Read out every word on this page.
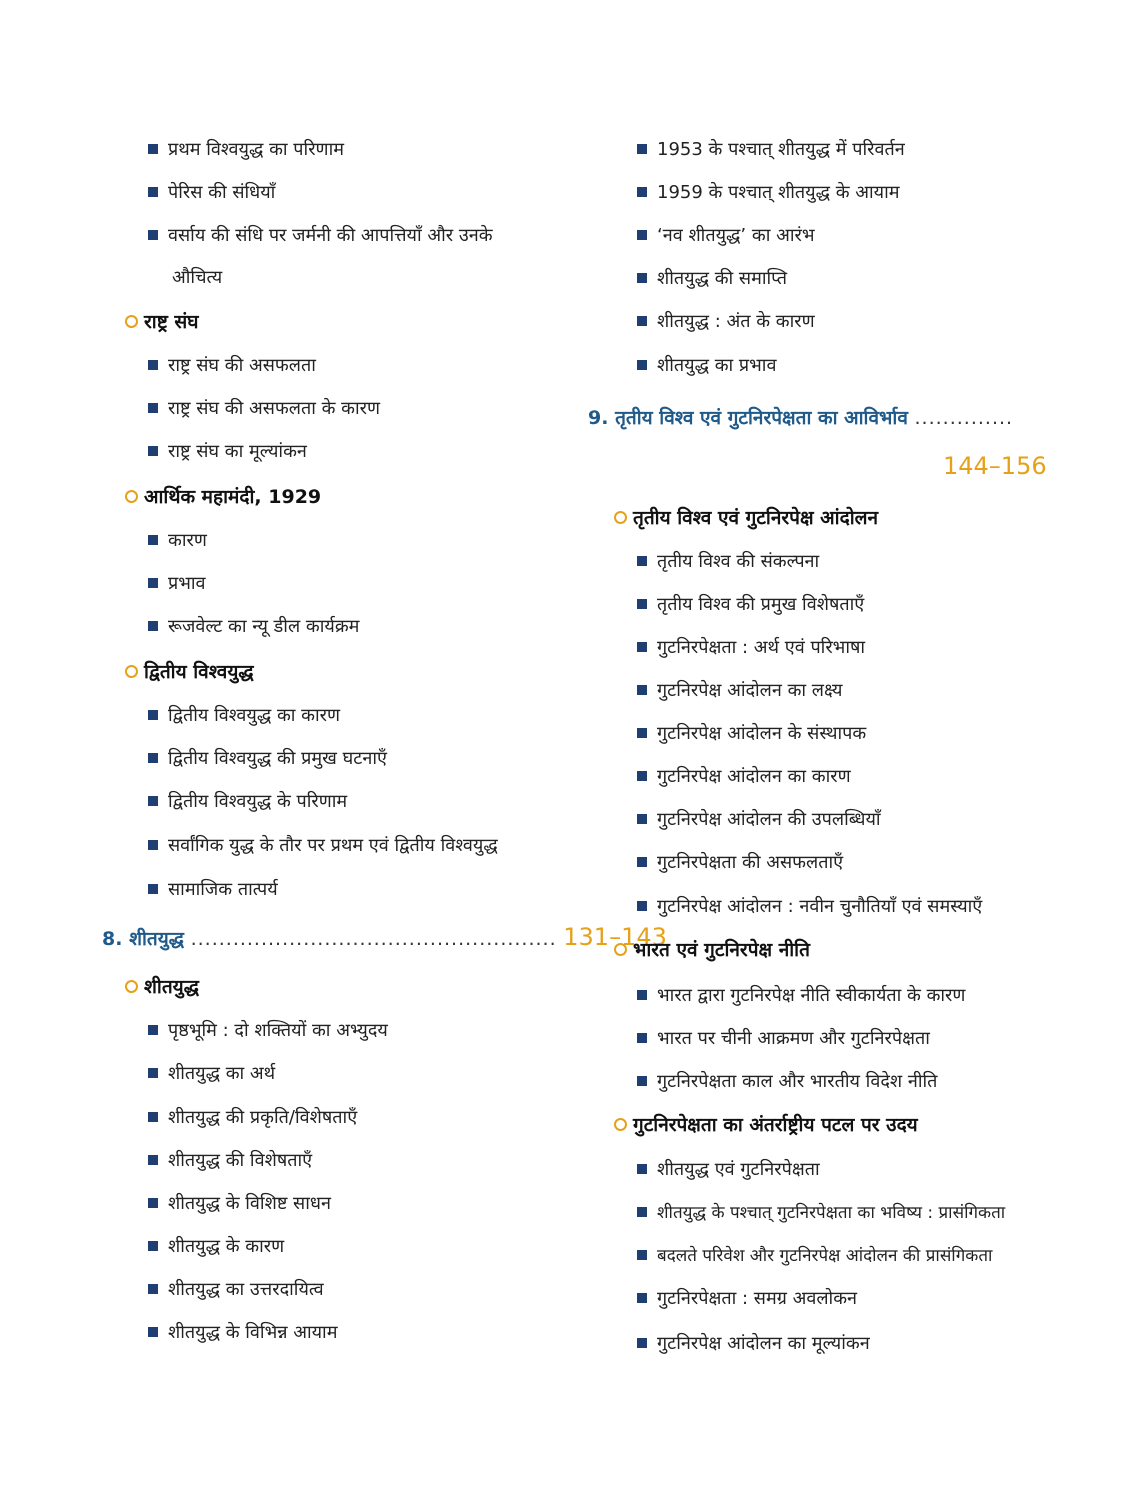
प्रथम विश्वयुद्ध का परिणाम
पेरिस की संधियाँ
वर्साय की संधि पर जर्मनी की आपत्तियाँ और उनके
औचित्य
राष्ट्र संघ
राष्ट्र संघ की असफलता
राष्ट्र संघ की असफलता के कारण
राष्ट्र संघ का मूल्यांकन
आर्थिक महामंदी, 1929
कारण
प्रभाव
रूजवेल्ट का न्यू डील कार्यक्रम
द्वितीय विश्वयुद्ध
द्वितीय विश्वयुद्ध का कारण
द्वितीय विश्वयुद्ध की प्रमुख घटनाएँ
द्वितीय विश्वयुद्ध के परिणाम
सर्वांगिक युद्ध के तौर पर प्रथम एवं द्वितीय विश्वयुद्ध
सामाजिक तात्पर्य
8. शीतयुद्ध .................................................... 131–143
शीतयुद्ध
पृष्ठभूमि : दो शक्तियों का अभ्युदय
शीतयुद्ध का अर्थ
शीतयुद्ध की प्रकृति/विशेषताएँ
शीतयुद्ध की विशेषताएँ
शीतयुद्ध के विशिष्ट साधन
शीतयुद्ध के कारण
शीतयुद्ध का उत्तरदायित्व
शीतयुद्ध के विभिन्न आयाम
1953 के पश्चात् शीतयुद्ध में परिवर्तन
1959 के पश्चात् शीतयुद्ध के आयाम
‘नव शीतयुद्ध’ का आरंभ
शीतयुद्ध की समाप्ति
शीतयुद्ध : अंत के कारण
शीतयुद्ध का प्रभाव
9. तृतीय विश्व एवं गुटनिरपेक्षता का आविर्भाव ..............
144–156
तृतीय विश्व एवं गुटनिरपेक्ष आंदोलन
तृतीय विश्व की संकल्पना
तृतीय विश्व की प्रमुख विशेषताएँ
गुटनिरपेक्षता : अर्थ एवं परिभाषा
गुटनिरपेक्ष आंदोलन का लक्ष्य
गुटनिरपेक्ष आंदोलन के संस्थापक
गुटनिरपेक्ष आंदोलन का कारण
गुटनिरपेक्ष आंदोलन की उपलब्धियाँ
गुटनिरपेक्षता की असफलताएँ
गुटनिरपेक्ष आंदोलन : नवीन चुनौतियाँ एवं समस्याएँ
भारत एवं गुटनिरपेक्ष नीति
भारत द्वारा गुटनिरपेक्ष नीति स्वीकार्यता के कारण
भारत पर चीनी आक्रमण और गुटनिरपेक्षता
गुटनिरपेक्षता काल और भारतीय विदेश नीति
गुटनिरपेक्षता का अंतर्राष्ट्रीय पटल पर उदय
शीतयुद्ध एवं गुटनिरपेक्षता
शीतयुद्ध के पश्चात् गुटनिरपेक्षता का भविष्य : प्रासंगिकता
बदलते परिवेश और गुटनिरपेक्ष आंदोलन की प्रासंगिकता
गुटनिरपेक्षता : समग्र अवलोकन
गुटनिरपेक्ष आंदोलन का मूल्यांकन
